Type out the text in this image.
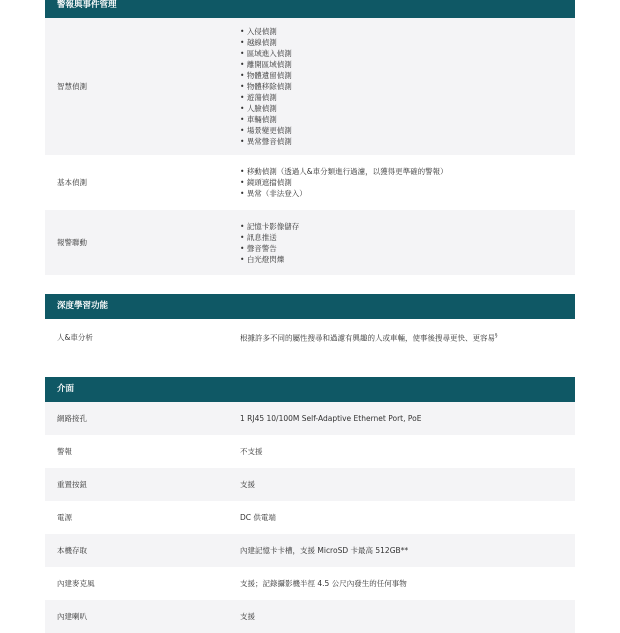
警報與事件管理
智慧偵測
• 入侵偵測
• 越線偵測
• 區域進入偵測
• 離開區域偵測
• 物體遺留偵測
• 物體移除偵測
• 遊蕩偵測
• 人臉偵測
• 車輛偵測
• 場景變更偵測
• 異常聲音偵測
基本偵測
• 移動偵測（透過人&車分類進行過濾，以獲得更準確的警報）
• 鏡頭遮擋偵測
• 異常（非法登入）
報警聯動
• 記憶卡影像儲存
• 訊息推送
• 聲音警告
• 白光燈閃爍
深度學習功能
人&車分析	根據許多不同的屬性搜尋和過濾有興趣的人或車輛，使事後搜尋更快、更容易§
介面
網路接孔	1 RJ45 10/100M Self-Adaptive Ethernet Port, PoE
警報	不支援
重置按鈕	支援
電源	DC 供電端
本機存取	內建記憶卡卡槽，支援 MicroSD 卡最高 512GB**
內建麥克風	支援；記錄攝影機半徑 4.5 公尺內發生的任何事物
內建喇叭	支援
